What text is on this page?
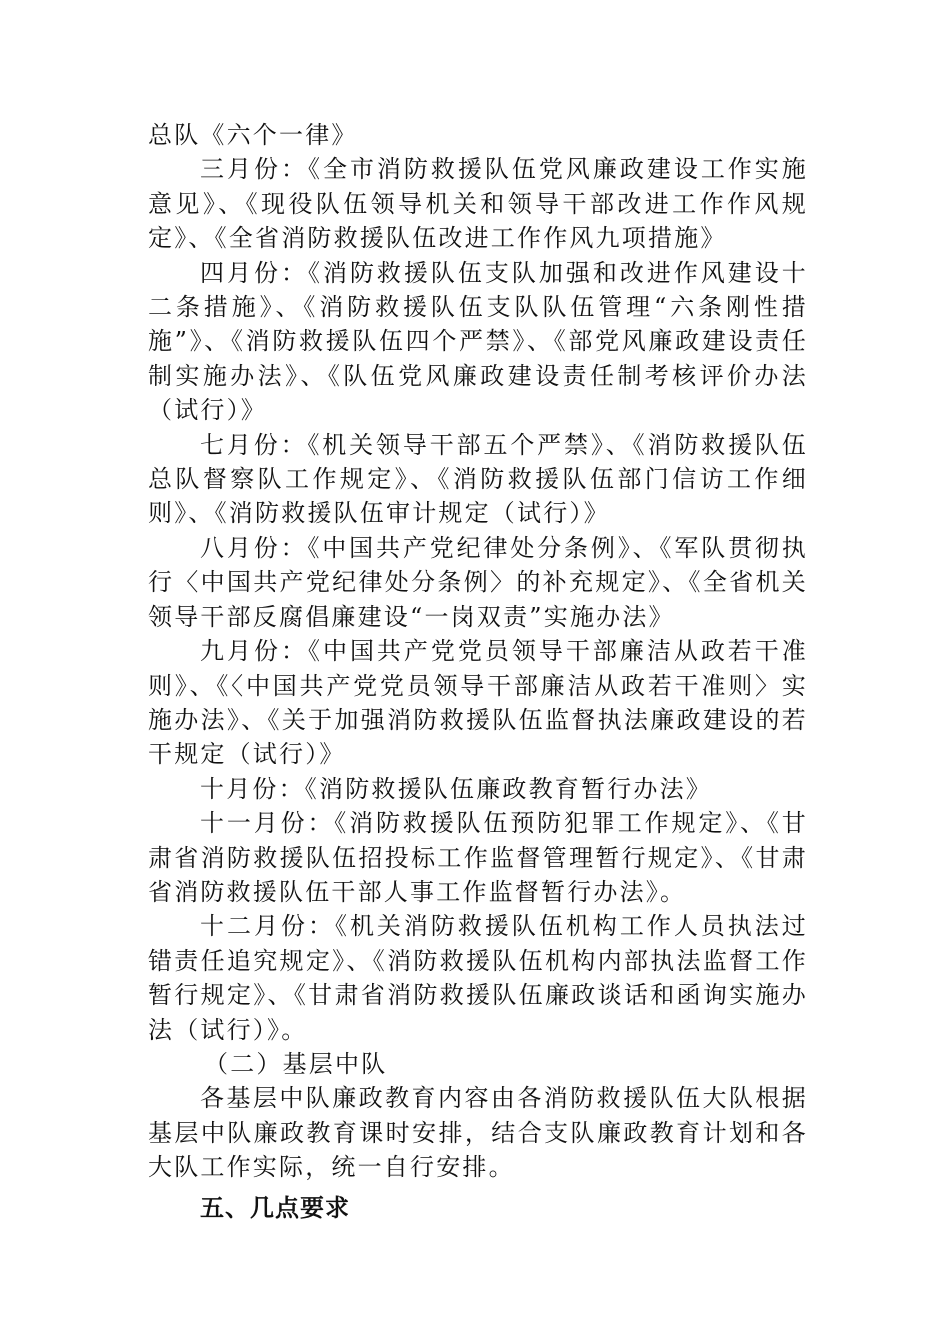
总队《六个一律》

三月份：《全市消防救援队伍党风廉政建设工作实施意见》、《现役队伍领导机关和领导干部改进工作作风规定》、《全省消防救援队伍改进工作作风九项措施》

四月份：《消防救援队伍支队加强和改进作风建设十二条措施》、《消防救援队伍支队队伍管理“六条刚性措施”》、《消防救援队伍四个严禁》、《部党风廉政建设责任制实施办法》、《队伍党风廉政建设责任制考核评价办法（试行）》

七月份：《机关领导干部五个严禁》、《消防救援队伍总队督察队工作规定》、《消防救援队伍部门信访工作细则》、《消防救援队伍审计规定（试行）》

八月份：《中国共产党纪律处分条例》、《军队贯彻执行〈中国共产党纪律处分条例〉的补充规定》、《全省机关领导干部反腐倡廉建设“一岗双责”实施办法》

九月份：《中国共产党党员领导干部廉洁从政若干准则》、《〈中国共产党党员领导干部廉洁从政若干准则〉实施办法》、《关于加强消防救援队伍监督执法廉政建设的若干规定（试行）》

十月份：《消防救援队伍廉政教育暂行办法》

十一月份：《消防救援队伍预防犯罪工作规定》、《甘肃省消防救援队伍招投标工作监督管理暂行规定》、《甘肃省消防救援队伍干部人事工作监督暂行办法》。

十二月份：《机关消防救援队伍机构工作人员执法过错责任追究规定》、《消防救援队伍机构内部执法监督工作暂行规定》、《甘肃省消防救援队伍廉政谈话和函询实施办法（试行）》。

（二）基层中队

各基层中队廉政教育内容由各消防救援队伍大队根据基层中队廉政教育课时安排，结合支队廉政教育计划和各大队工作实际，统一自行安排。

五、几点要求
